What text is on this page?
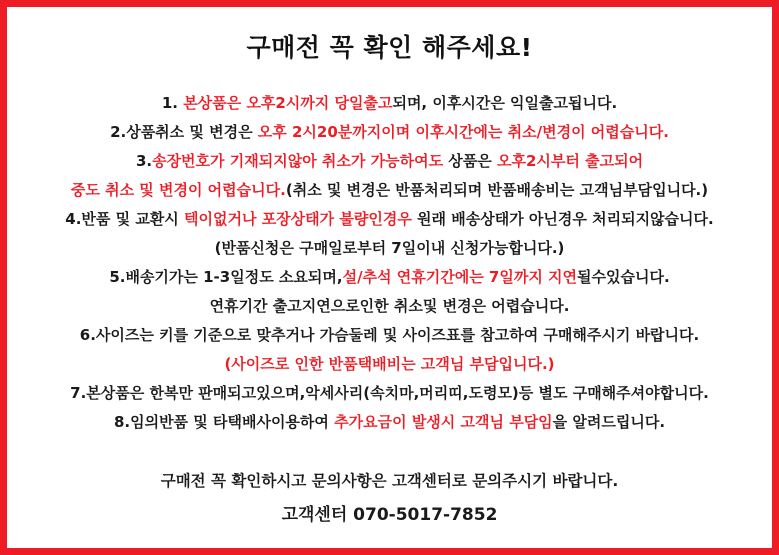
구매전 꼭 확인 해주세요!
1. 본상품은 오후2시까지 당일출고되며, 이후시간은 익일출고됩니다.
2.상품취소 및 변경은 오후 2시20분까지이며 이후시간에는 취소/변경이 어렵습니다.
3.송장번호가 기재되지않아 취소가 가능하여도 상품은 오후2시부터 출고되어
중도 취소 및 변경이 어렵습니다.(취소 및 변경은 반품처리되며 반품배송비는 고객님부담입니다.)
4.반품 및 교환시 텍이없거나 포장상태가 불량인경우 원래 배송상태가 아닌경우 처리되지않습니다.
(반품신청은 구매일로부터 7일이내 신청가능합니다.)
5.배송기가는 1-3일정도 소요되며,설/추석 연휴기간에는 7일까지 지연될수있습니다.
연휴기간 출고지연으로인한 취소및 변경은 어렵습니다.
6.사이즈는 키를 기준으로 맞추거나 가슴둘레 및 사이즈표를 참고하여 구매해주시기 바랍니다.
(사이즈로 인한 반품택배비는 고객님 부담입니다.)
7.본상품은 한복만 판매되고있으며,악세사리(속치마,머리띠,도령모)등 별도 구매해주셔야합니다.
8.임의반품 및 타택배사이용하여 추가요금이 발생시 고객님 부담임을 알려드립니다.
구매전 꼭 확인하시고 문의사항은 고객센터로 문의주시기 바랍니다.
고객센터 070-5017-7852
